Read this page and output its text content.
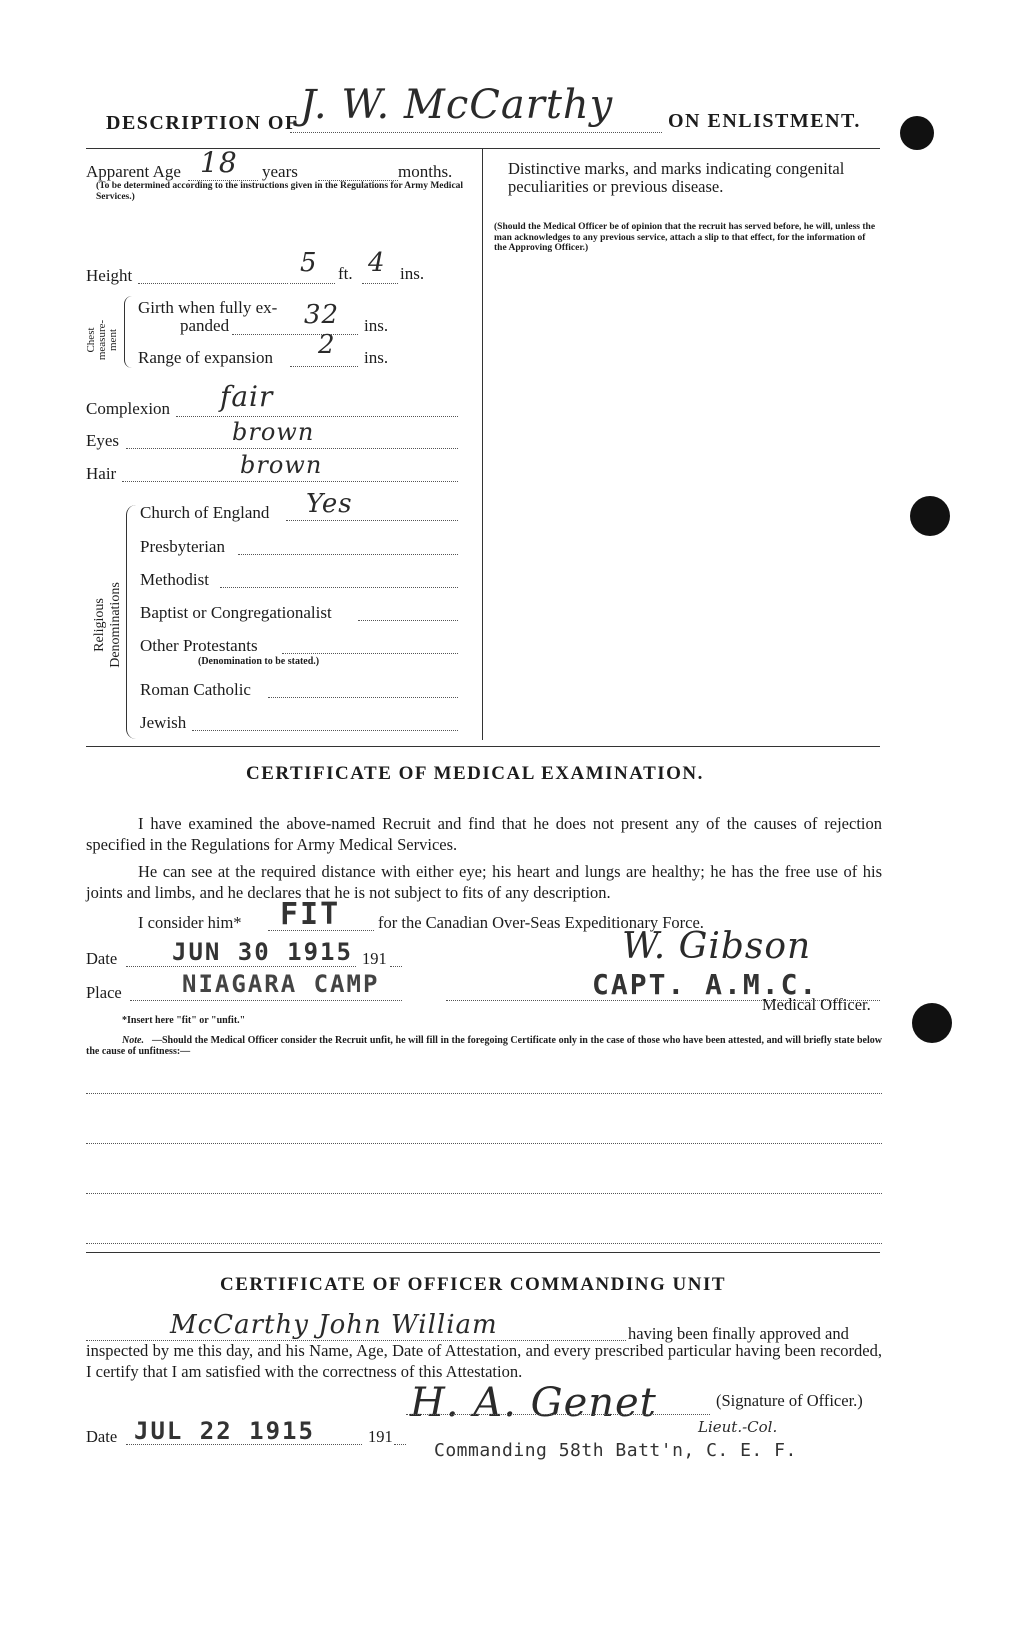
DESCRIPTION OF J. W. McCarthy	ON ENLISTMENT.
Apparent Age 18 years	months.
(To be determined according to the instructions given in the Regulations for Army Medical Services.)
Height	5 ft. 4 ins.
Chest measure-ment
Girth when fully ex-
panded	32 ins.
Range of expansion 2 ins.
Complexion fair
Eyes	brown
Hair	brown
Religious Denominations
Church of England Yes
Presbyterian
Methodist
Baptist or Congregationalist
Other Protestants
(Denomination to be stated.)
Roman Catholic
Jewish
Distinctive marks, and marks indicating congenital peculiarities or previous disease.
(Should the Medical Officer be of opinion that the recruit has served before, he will, unless the man acknowledges to any previous service, attach a slip to that effect, for the information of the Approving Officer.)
CERTIFICATE OF MEDICAL EXAMINATION.
I have examined the above-named Recruit and find that he does not present any of the causes of rejection specified in the Regulations for Army Medical Services.
He can see at the required distance with either eye; his heart and lungs are healthy; he has the free use of his joints and limbs, and he declares that he is not subject to fits of any description.
I consider him* FIT for the Canadian Over-Seas Expeditionary Force.
Date JUN 30 1915 191
Place	NIAGARA CAMP
W. Gibson
CAPT. A.M.C.
Medical Officer.
*Insert here "fit" or "unfit."
Note. —Should the Medical Officer consider the Recruit unfit, he will fill in the foregoing Certificate only in the case of those who have been attested, and will briefly state below the cause of unfitness:—
CERTIFICATE OF OFFICER COMMANDING UNIT
McCarthy John William	having been finally approved and
inspected by me this day, and his Name, Age, Date of Attestation, and every prescribed particular having been recorded, I certify that I am satisfied with the correctness of this Attestation.
H. A. Genet	(Signature of Officer.)
Lieut.-Col.
Date JUL 22 1915	191
Commanding 58th Batt'n, C. E. F.
